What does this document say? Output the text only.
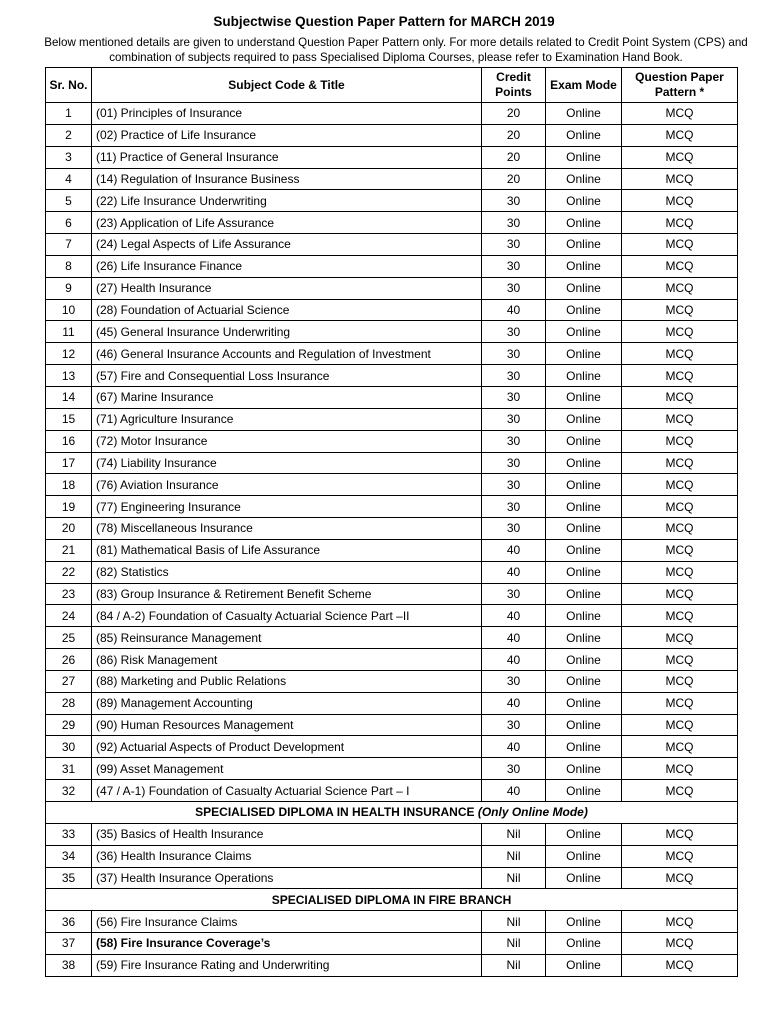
Subjectwise Question Paper Pattern for MARCH 2019
Below mentioned details are given to understand Question Paper Pattern only. For more details related to Credit Point System (CPS) and combination of subjects required to pass Specialised Diploma Courses, please refer to Examination Hand Book.
Sr. No.	Subject Code & Title	Credit Points	Exam Mode	Question Paper Pattern *
1	(01) Principles of Insurance	20	Online	MCQ
2	(02) Practice of Life Insurance	20	Online	MCQ
3	(11) Practice of General Insurance	20	Online	MCQ
4	(14) Regulation of Insurance Business	20	Online	MCQ
5	(22) Life Insurance Underwriting	30	Online	MCQ
6	(23) Application of Life Assurance	30	Online	MCQ
7	(24) Legal Aspects of Life Assurance	30	Online	MCQ
8	(26) Life Insurance Finance	30	Online	MCQ
9	(27) Health Insurance	30	Online	MCQ
10	(28) Foundation of Actuarial Science	40	Online	MCQ
11	(45) General Insurance Underwriting	30	Online	MCQ
12	(46) General Insurance Accounts and Regulation of Investment	30	Online	MCQ
13	(57) Fire and Consequential Loss Insurance	30	Online	MCQ
14	(67) Marine Insurance	30	Online	MCQ
15	(71) Agriculture Insurance	30	Online	MCQ
16	(72) Motor Insurance	30	Online	MCQ
17	(74) Liability Insurance	30	Online	MCQ
18	(76) Aviation Insurance	30	Online	MCQ
19	(77) Engineering Insurance	30	Online	MCQ
20	(78) Miscellaneous Insurance	30	Online	MCQ
21	(81) Mathematical Basis of Life Assurance	40	Online	MCQ
22	(82) Statistics	40	Online	MCQ
23	(83) Group Insurance & Retirement Benefit Scheme	30	Online	MCQ
24	(84 / A-2) Foundation of Casualty Actuarial Science Part –II	40	Online	MCQ
25	(85) Reinsurance Management	40	Online	MCQ
26	(86) Risk Management	40	Online	MCQ
27	(88) Marketing and Public Relations	30	Online	MCQ
28	(89) Management Accounting	40	Online	MCQ
29	(90) Human Resources Management	30	Online	MCQ
30	(92) Actuarial Aspects of Product Development	40	Online	MCQ
31	(99) Asset Management	30	Online	MCQ
32	(47 / A-1) Foundation of Casualty Actuarial Science Part – I	40	Online	MCQ
SPECIALISED DIPLOMA IN HEALTH INSURANCE (Only Online Mode)				
33	(35) Basics of Health Insurance	Nil	Online	MCQ
34	(36) Health Insurance Claims	Nil	Online	MCQ
35	(37) Health Insurance Operations	Nil	Online	MCQ
SPECIALISED DIPLOMA IN FIRE BRANCH				
36	(56) Fire Insurance Claims	Nil	Online	MCQ
37	(58) Fire Insurance Coverage’s	Nil	Online	MCQ
38	(59) Fire Insurance Rating and Underwriting	Nil	Online	MCQ
